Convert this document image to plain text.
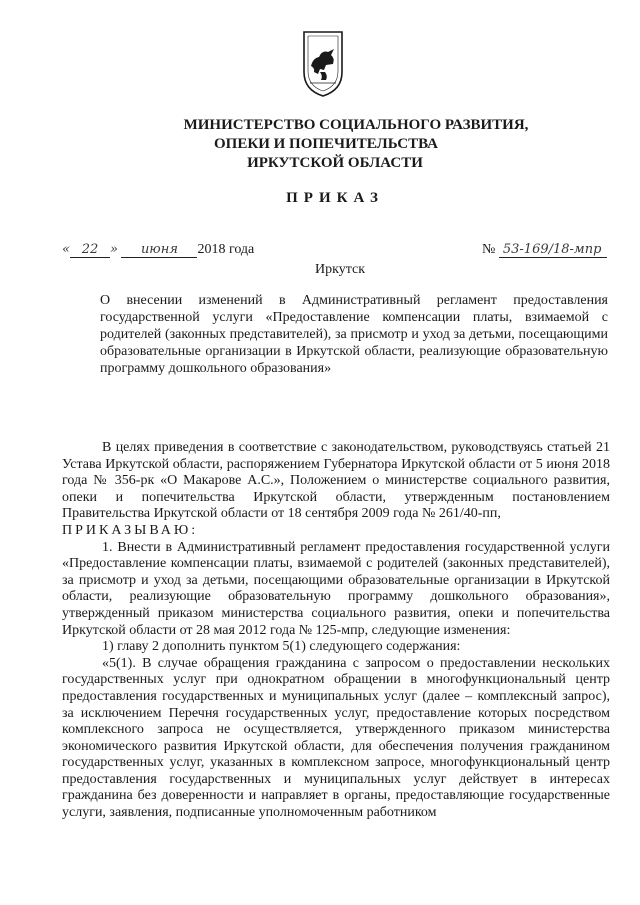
МИНИСТЕРСТВО СОЦИАЛЬНОГО РАЗВИТИЯ,
ОПЕКИ И ПОПЕЧИТЕЛЬСТВА
ИРКУТСКОЙ ОБЛАСТИ
ПРИКАЗ
« 22 » июня 2018 года	№ 53-169/18-мпр
Иркутск
О внесении изменений в Административный регламент предоставления государственной услуги «Предоставление компенсации платы, взимаемой с родителей (законных представителей), за присмотр и уход за детьми, посещающими образовательные организации в Иркутской области, реализующие образовательную программу дошкольного образования»

В целях приведения в соответствие с законодательством, руководствуясь статьей 21 Устава Иркутской области, распоряжением Губернатора Иркутской области от 5 июня 2018 года № 356-рк «О Макарове А.С.», Положением о министерстве социального развития, опеки и попечительства Иркутской области, утвержденным постановлением Правительства Иркутской области от 18 сентября 2009 года № 261/40-пп,

ПРИКАЗЫВАЮ:

1. Внести в Административный регламент предоставления государственной услуги «Предоставление компенсации платы, взимаемой с родителей (законных представителей), за присмотр и уход за детьми, посещающими образовательные организации в Иркутской области, реализующие образовательную программу дошкольного образования», утвержденный приказом министерства социального развития, опеки и попечительства Иркутской области от 28 мая 2012 года № 125-мпр, следующие изменения:

1) главу 2 дополнить пунктом 5(1) следующего содержания:

«5(1). В случае обращения гражданина с запросом о предоставлении нескольких государственных услуг при однократном обращении в многофункциональный центр предоставления государственных и муниципальных услуг (далее – комплексный запрос), за исключением Перечня государственных услуг, предоставление которых посредством комплексного запроса не осуществляется, утвержденного приказом министерства экономического развития Иркутской области, для обеспечения получения гражданином государственных услуг, указанных в комплексном запросе, многофункциональный центр предоставления государственных и муниципальных услуг действует в интересах гражданина без доверенности и направляет в органы, предоставляющие государственные услуги, заявления, подписанные уполномоченным работником
